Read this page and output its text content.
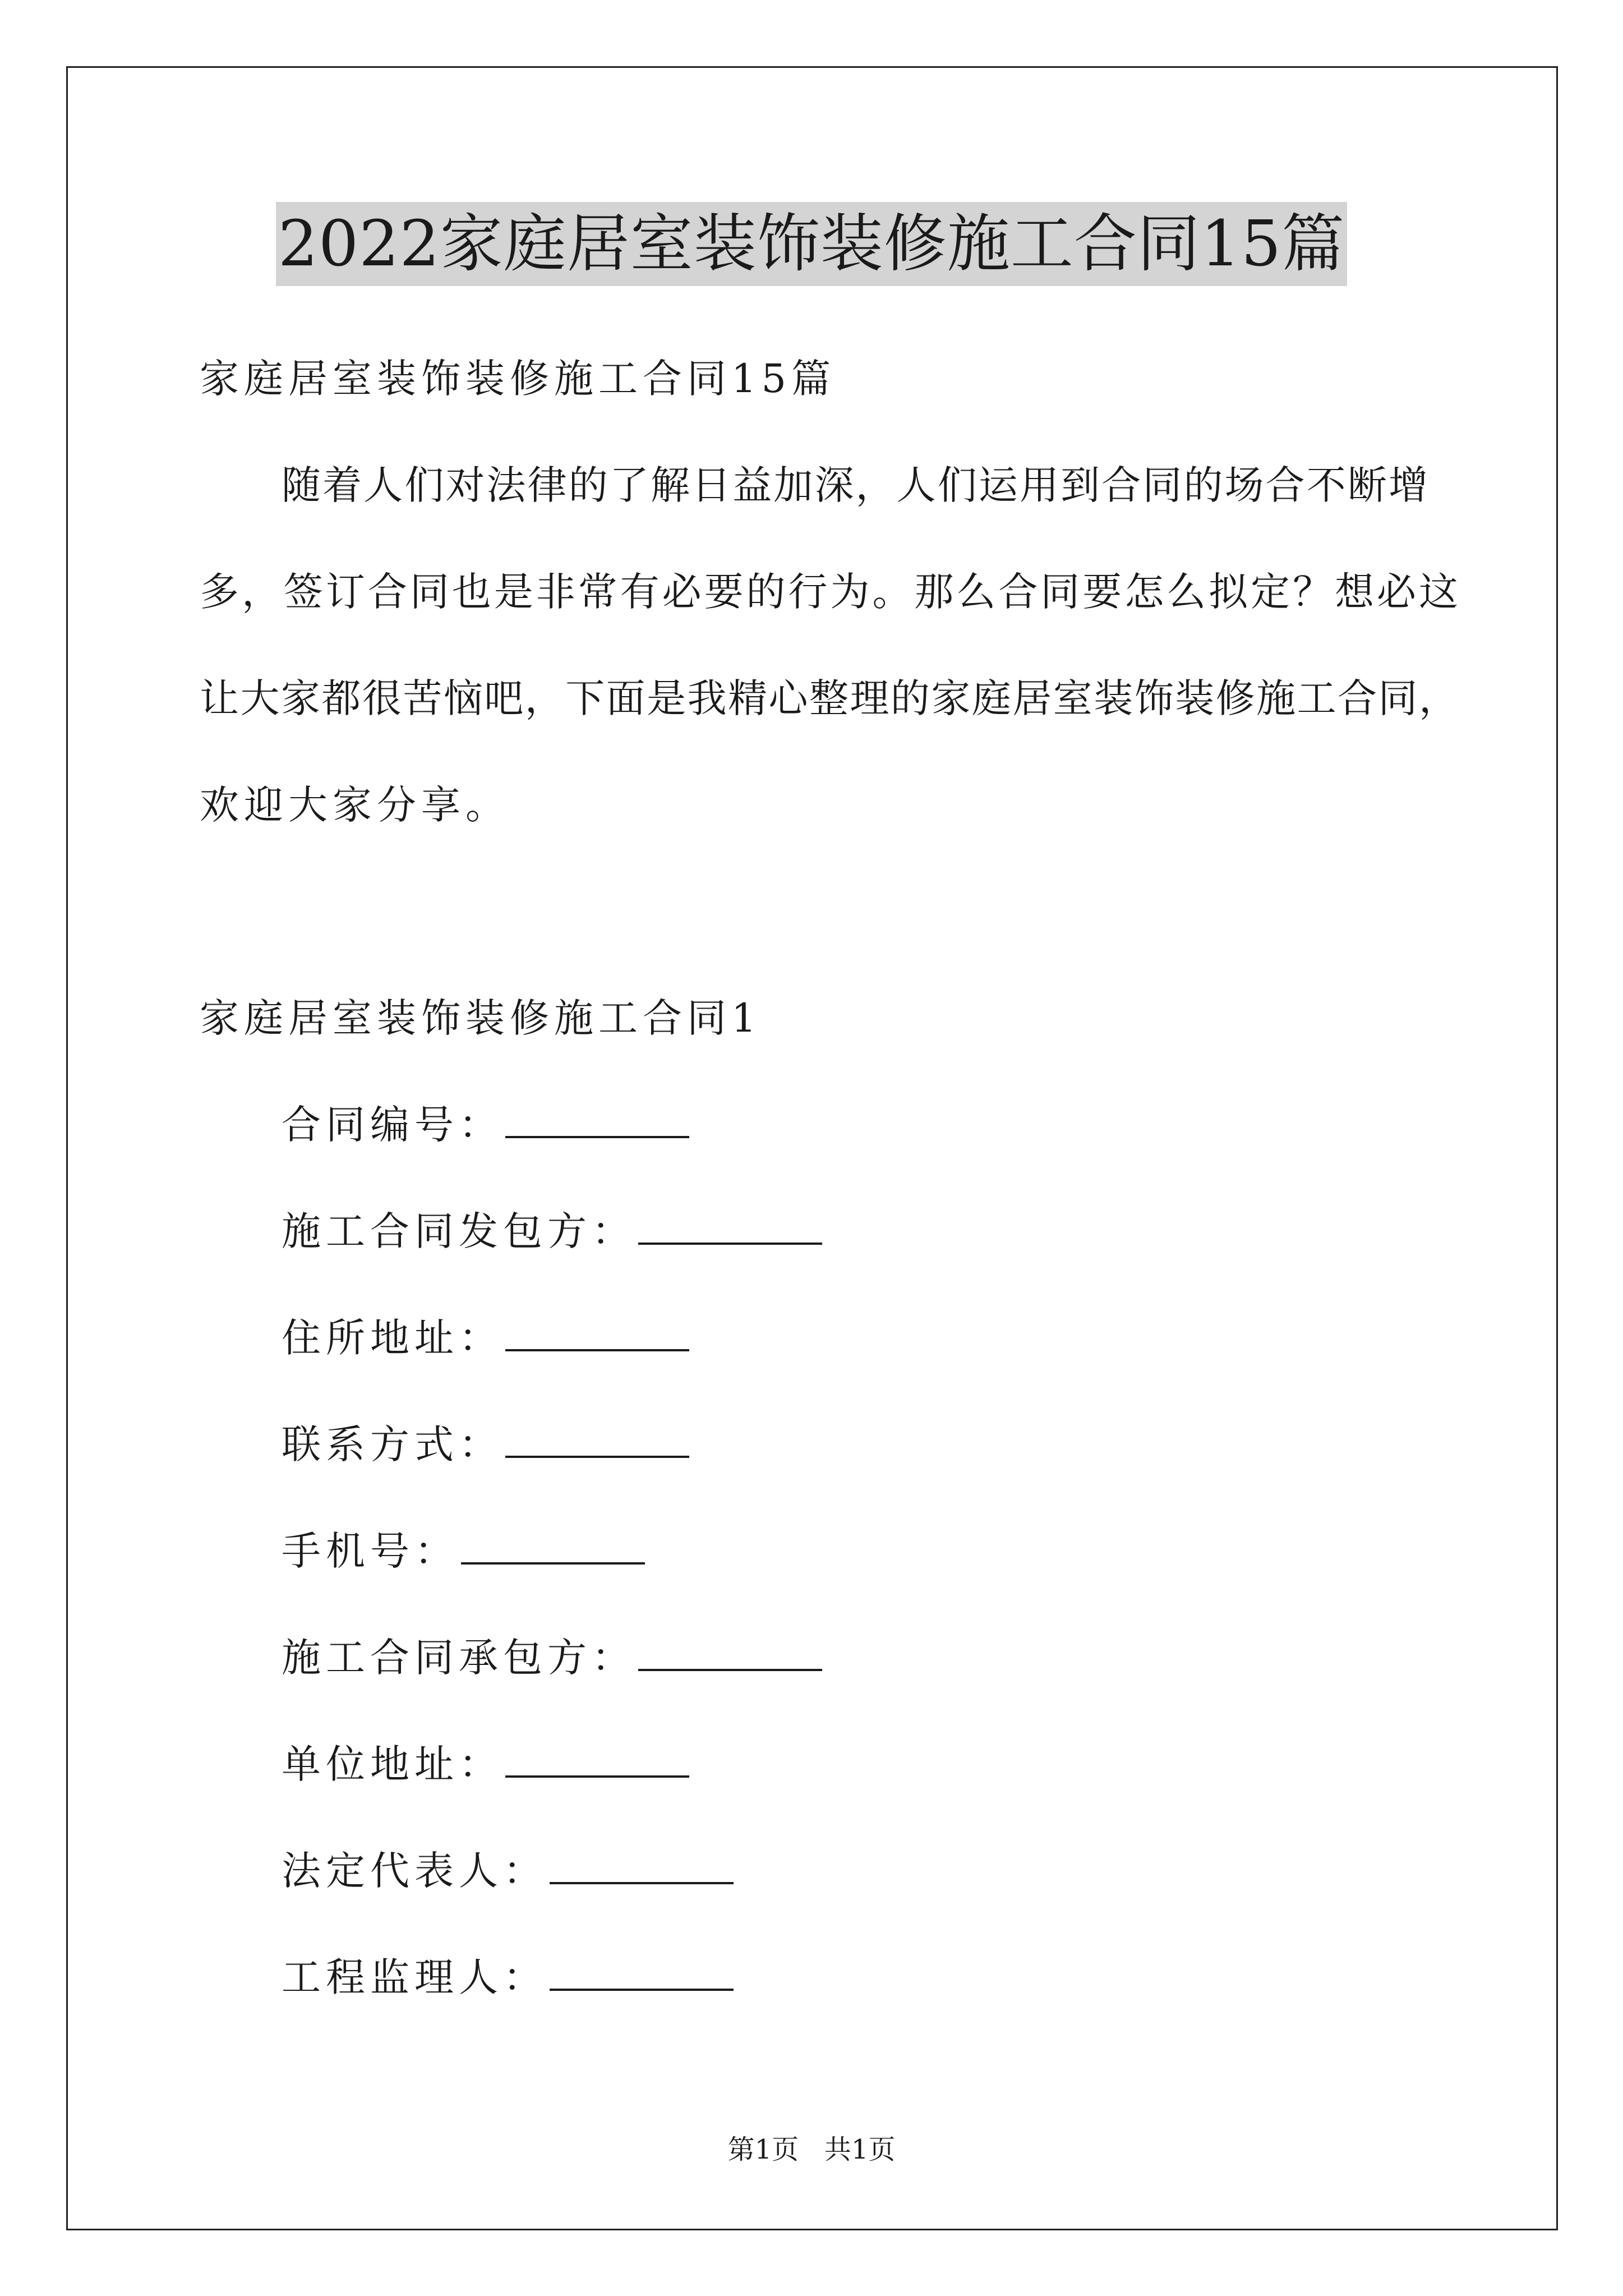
2022家庭居室装饰装修施工合同15篇
家庭居室装饰装修施工合同15篇
随着人们对法律的了解日益加深，人们运用到合同的场合不断增
多，签订合同也是非常有必要的行为。那么合同要怎么拟定？想必这
让大家都很苦恼吧，下面是我精心整理的家庭居室装饰装修施工合同，
欢迎大家分享。
家庭居室装饰装修施工合同1
合同编号：
施工合同发包方：
住所地址：
联系方式：
手机号：
施工合同承包方：
单位地址：
法定代表人：
工程监理人：
第1页   共1页
